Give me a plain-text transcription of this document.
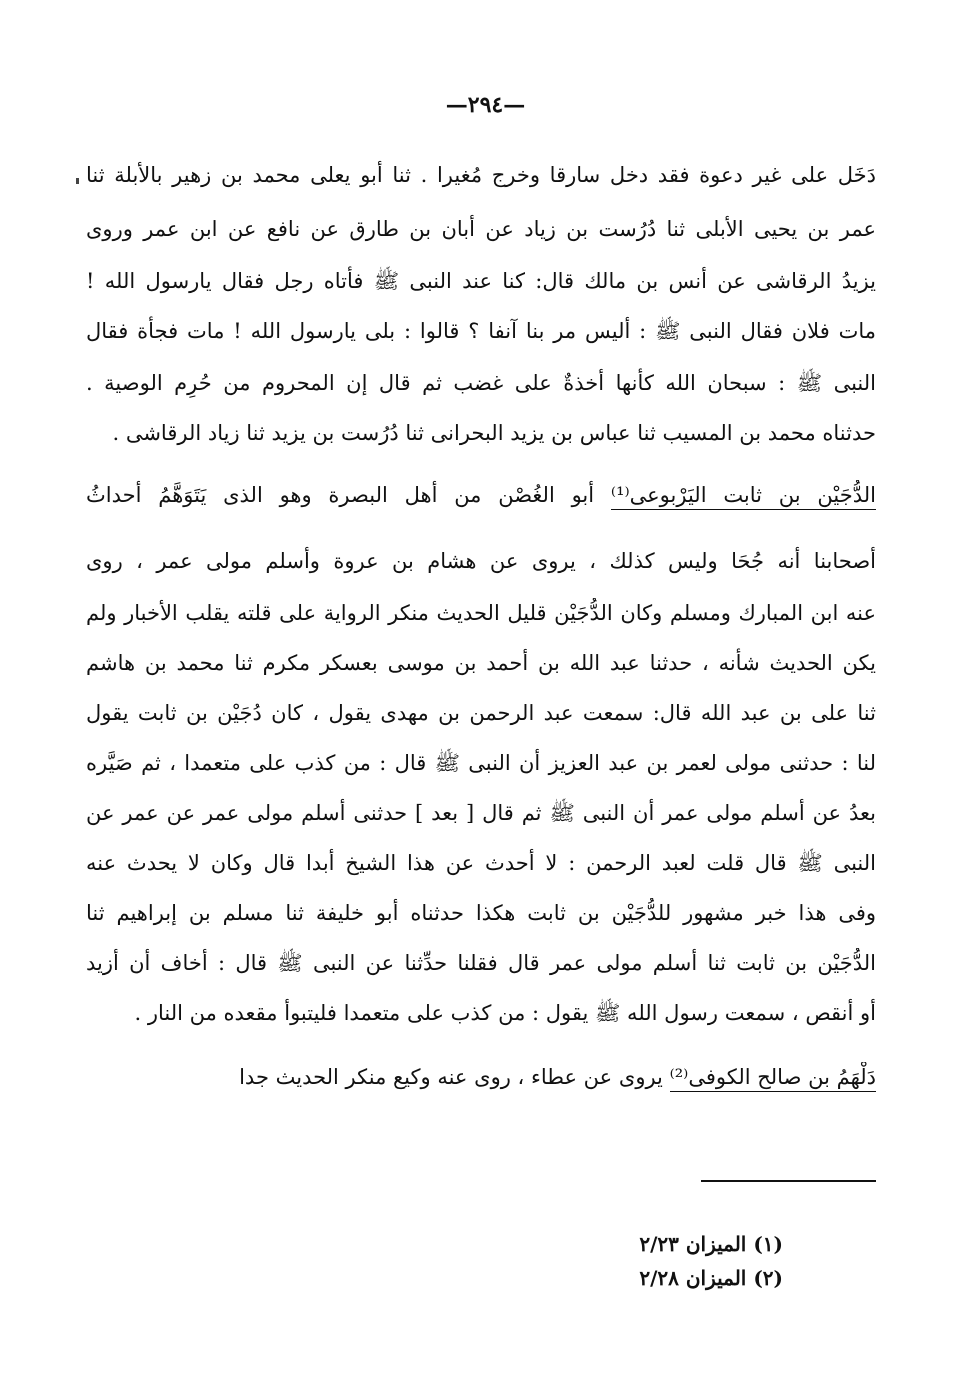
—٢٩٤—
دَخَل على غير دعوة فقد دخل سارقا وخرج مُغيرا . ثنا أبو يعلى محمد بن زهير بالأبلة ثنا
عمر بن يحيى الأبلى ثنا دُرُست بن زياد عن أبان بن طارق عن نافع عن ابن عمر وروى
يزيدُ الرقاشى عن أنس بن مالك قال: كنا عند النبى ﷺ فأتاه رجل فقال يارسول الله !
مات فلان فقال النبى ﷺ : أليس مر بنا آنفا ؟ قالوا : بلى يارسول الله ! مات فجأة فقال
النبى ﷺ : سبحان الله كأنها أخذةٌ على غضب ثم قال إن المحروم من حُرِم الوصية .
حدثناه محمد بن المسيب ثنا عباس بن يزيد البحرانى ثنا دُرُست بن يزيد ثنا زياد الرقاشى .
الدُّجَيْن بن ثابت اليَرْبوعى⁽¹⁾ أبو الغُصْن من أهل البصرة وهو الذى يَتَوَهَّمُ أحداثُ
أصحابنا أنه جُحَا وليس كذلك ، يروى عن هشام بن عروة وأسلم مولى عمر ، روى
عنه ابن المبارك ومسلم وكان الدُّجَيْن قليل الحديث منكر الرواية على قلته يقلب الأخبار ولم
يكن الحديث شأنه ، حدثنا عبد الله بن أحمد بن موسى بعسكر مكرم ثنا محمد بن هاشم
ثنا على بن عبد الله قال: سمعت عبد الرحمن بن مهدى يقول ، كان دُجَيْن بن ثابت يقول
لنا : حدثنى مولى لعمر بن عبد العزيز أن النبى ﷺ قال : من كذب على متعمدا ، ثم صَيَّره
بعدُ عن أسلم مولى عمر أن النبى ﷺ ثم قال [ بعد ] حدثنى أسلم مولى عمر عن عمر عن
النبى ﷺ قال قلت لعبد الرحمن : لا أحدث عن هذا الشيخ أبدا قال وكان لا يحدث عنه
وفى هذا خبر مشهور للدُّجَيْن بن ثابت هكذا حدثناه أبو خليفة ثنا مسلم بن إبراهيم ثنا
الدُّجَيْن بن ثابت ثنا أسلم مولى عمر قال فقلنا حدِّثنا عن النبى ﷺ قال : أخاف أن أزيد
أو أنقص ، سمعت رسول الله ﷺ يقول : من كذب على متعمدا فليتبوأ مقعده من النار .
دَلْهَمُ بن صالح الكوفى⁽²⁾ يروى عن عطاء ، روى عنه وكيع منكر الحديث جدا
(١) الميزان ٢/٢٣
(٢) الميزان ٢/٢٨
